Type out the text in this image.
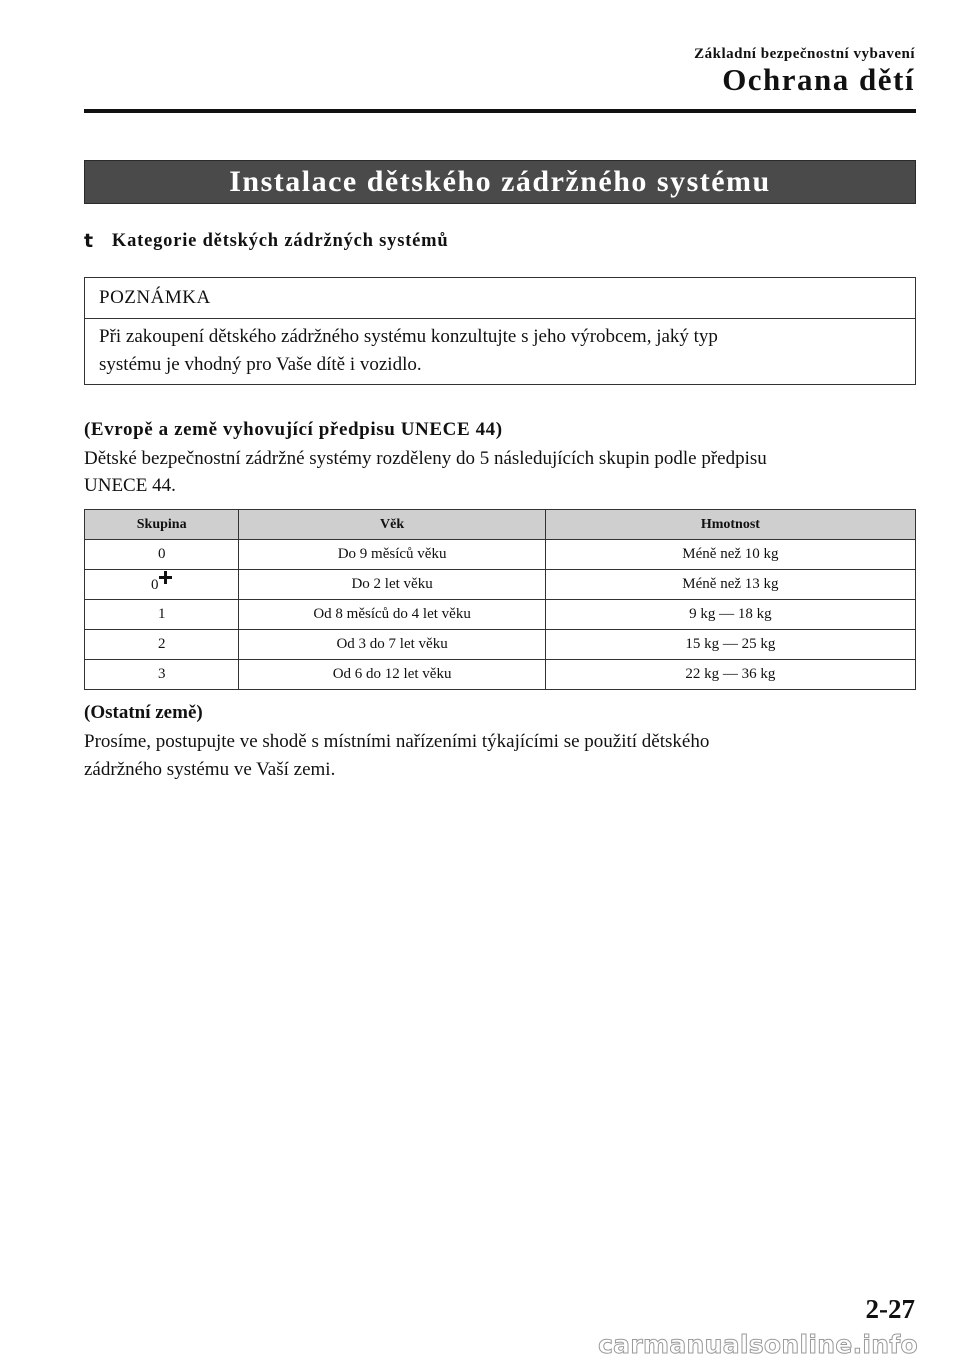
Základní bezpečnostní vybavení
Ochrana dětí
Instalace dětského zádržného systému
t Kategorie dětských zádržných systémů
POZNÁMKA
Při zakoupení dětského zádržného systému konzultujte s jeho výrobcem, jaký typ
systému je vhodný pro Vaše dítě i vozidlo.
(Evropě a země vyhovující předpisu UNECE 44)
Dětské bezpečnostní zádržné systémy rozděleny do 5 následujících skupin podle předpisu
UNECE 44.
Skupina	Věk	Hmotnost
0	Do 9 měsíců věku	Méně než 10 kg
0	Do 2 let věku	Méně než 13 kg
1	Od 8 měsíců do 4 let věku	9 kg — 18 kg
2	Od 3 do 7 let věku	15 kg — 25 kg
3	Od 6 do 12 let věku	22 kg — 36 kg
(Ostatní země)
Prosíme, postupujte ve shodě s místními nařízeními týkajícími se použití dětského
zádržného systému ve Vaší zemi.
2-27
carmanualsonline.info
